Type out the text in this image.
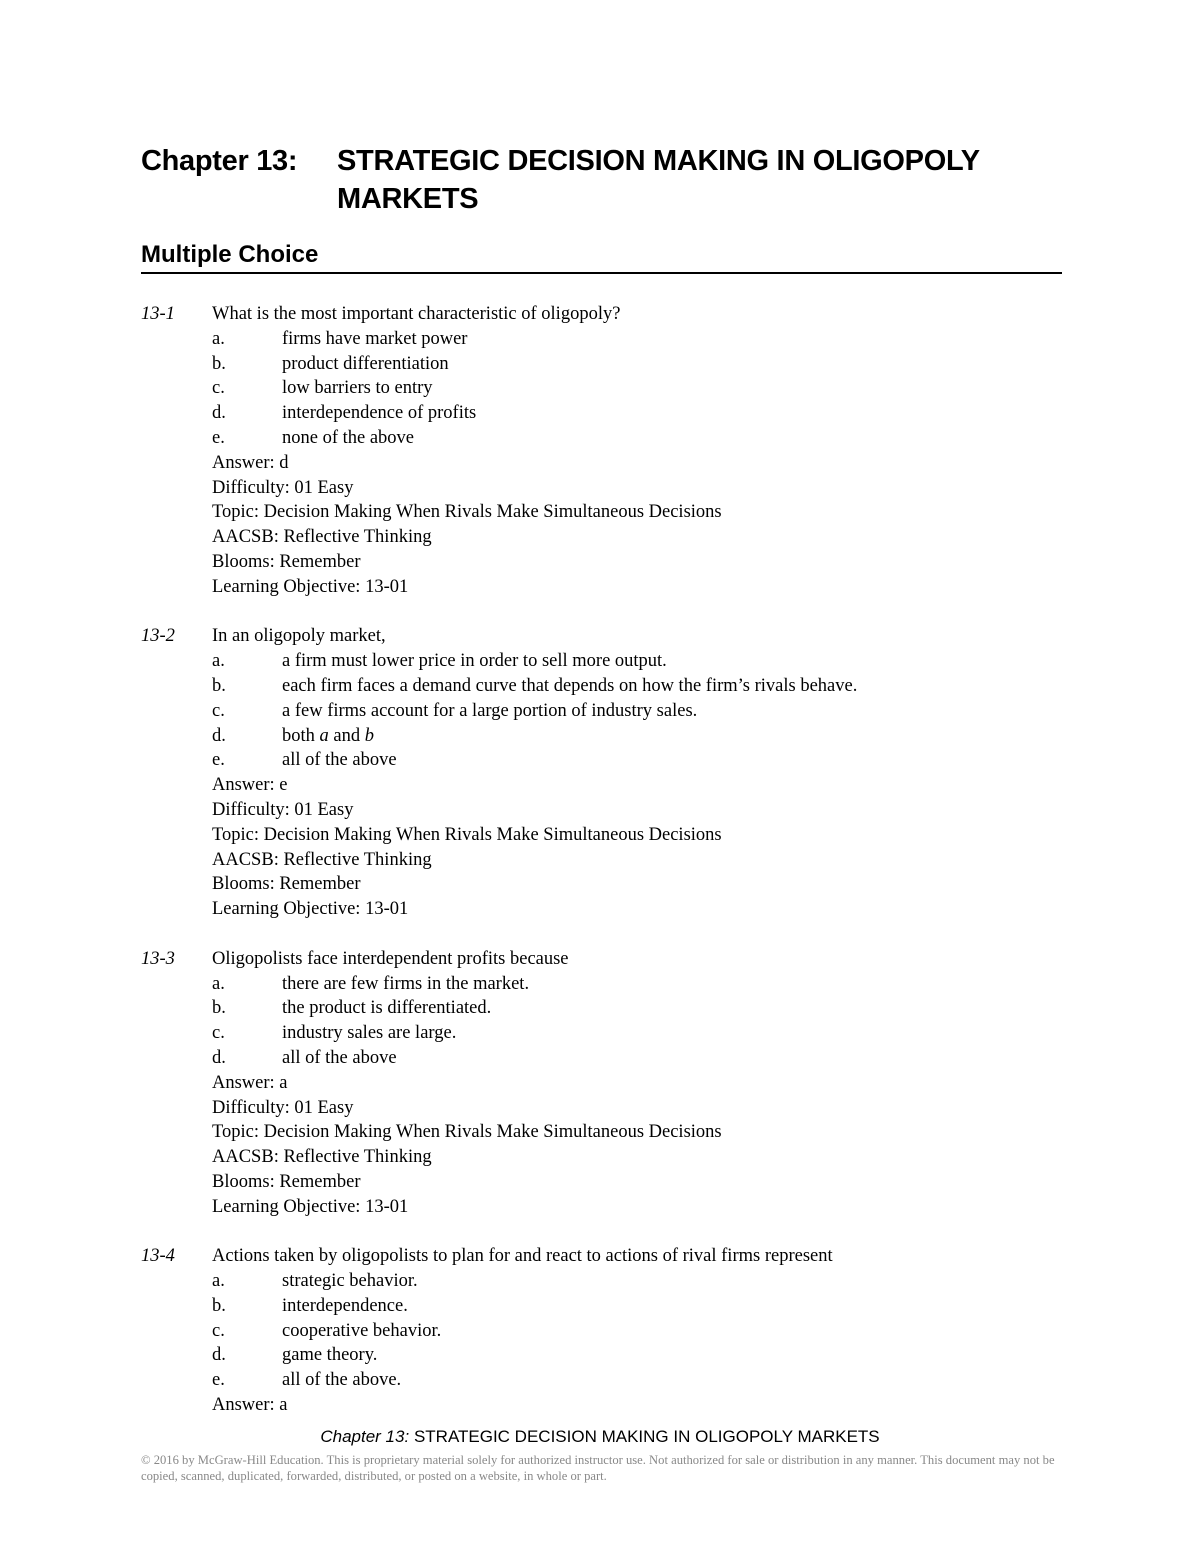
Chapter 13: STRATEGIC DECISION MAKING IN OLIGOPOLY MARKETS
Multiple Choice
13-1 What is the most important characteristic of oligopoly?
a.	firms have market power
b.	product differentiation
c.	low barriers to entry
d.	interdependence of profits
e.	none of the above
Answer: d
Difficulty: 01 Easy
Topic: Decision Making When Rivals Make Simultaneous Decisions
AACSB: Reflective Thinking
Blooms: Remember
Learning Objective: 13-01
13-2 In an oligopoly market,
a.	a firm must lower price in order to sell more output.
b.	each firm faces a demand curve that depends on how the firm’s rivals behave.
c.	a few firms account for a large portion of industry sales.
d.	both a and b
e.	all of the above
Answer: e
Difficulty: 01 Easy
Topic: Decision Making When Rivals Make Simultaneous Decisions
AACSB: Reflective Thinking
Blooms: Remember
Learning Objective: 13-01
13-3 Oligopolists face interdependent profits because
a.	there are few firms in the market.
b.	the product is differentiated.
c.	industry sales are large.
d.	all of the above
Answer: a
Difficulty: 01 Easy
Topic: Decision Making When Rivals Make Simultaneous Decisions
AACSB: Reflective Thinking
Blooms: Remember
Learning Objective: 13-01
13-4 Actions taken by oligopolists to plan for and react to actions of rival firms represent
a.	strategic behavior.
b.	interdependence.
c.	cooperative behavior.
d.	game theory.
e.	all of the above.
Answer: a
Chapter 13: STRATEGIC DECISION MAKING IN OLIGOPOLY MARKETS
© 2016 by McGraw-Hill Education. This is proprietary material solely for authorized instructor use. Not authorized for sale or distribution in any manner. This document may not be copied, scanned, duplicated, forwarded, distributed, or posted on a website, in whole or part.
